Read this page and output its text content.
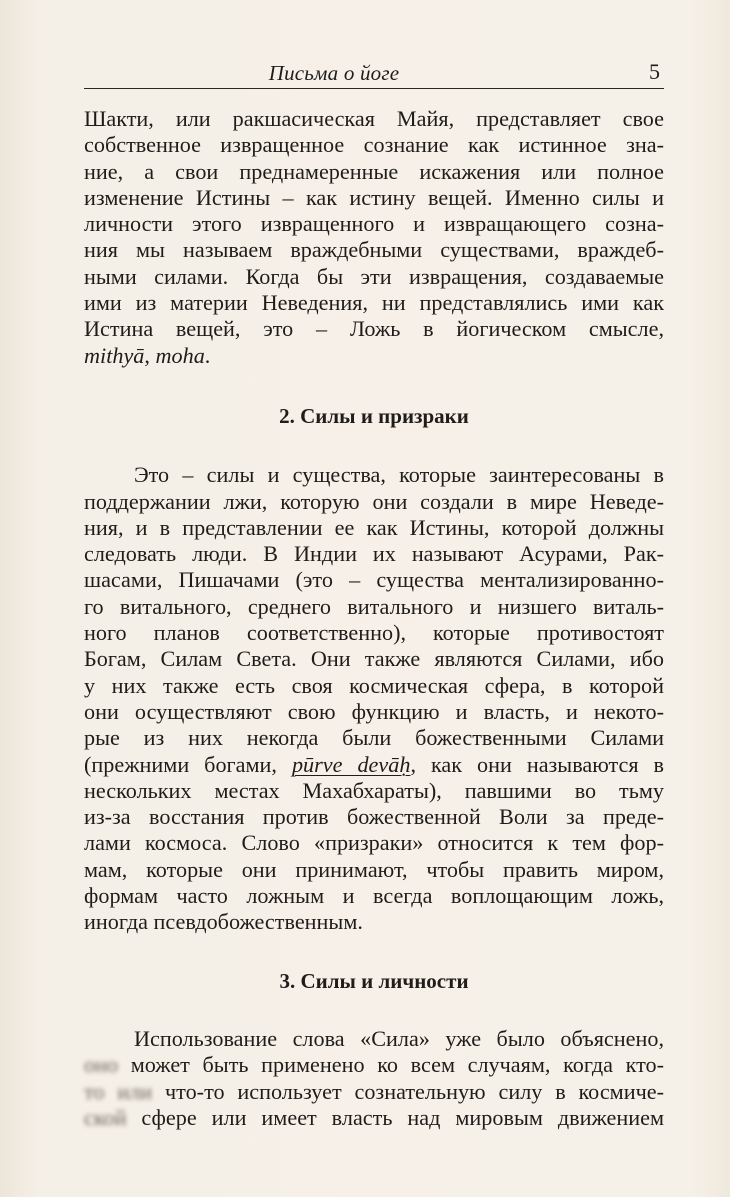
Письма о йоге	5

Шакти, или ракшасическая Майя, представляет свое
собственное извращенное сознание как истинное зна-
ние, а свои преднамеренные искажения или полное
изменение Истины – как истину вещей. Именно силы и
личности этого извращенного и извращающего созна-
ния мы называем враждебными существами, враждеб-
ными силами. Когда бы эти извращения, создаваемые
ими из материи Неведения, ни представлялись ими как
Истина вещей, это – Ложь в йогическом смысле,
mithyā, moha.

2. Силы и призраки

Это – силы и существа, которые заинтересованы в
поддержании лжи, которую они создали в мире Неведе-
ния, и в представлении ее как Истины, которой должны
следовать люди. В Индии их называют Асурами, Рак-
шасами, Пишачами (это – существа ментализированно-
го витального, среднего витального и низшего виталь-
ного планов соответственно), которые противостоят
Богам, Силам Света. Они также являются Силами, ибо
у них также есть своя космическая сфера, в которой
они осуществляют свою функцию и власть, и некото-
рые из них некогда были божественными Силами
(прежними богами, pūrve devāḥ, как они называются в
нескольких местах Махабхараты), павшими во тьму
из-за восстания против божественной Воли за преде-
лами космоса. Слово «призраки» относится к тем фор-
мам, которые они принимают, чтобы править миром,
формам часто ложным и всегда воплощающим ложь,
иногда псевдобожественным.

3. Силы и личности

Использование слова «Сила» уже было объяснено,
оно может быть применено ко всем случаям, когда кто-
то или что-то использует сознательную силу в космиче-
ской сфере или имеет власть над мировым движением
